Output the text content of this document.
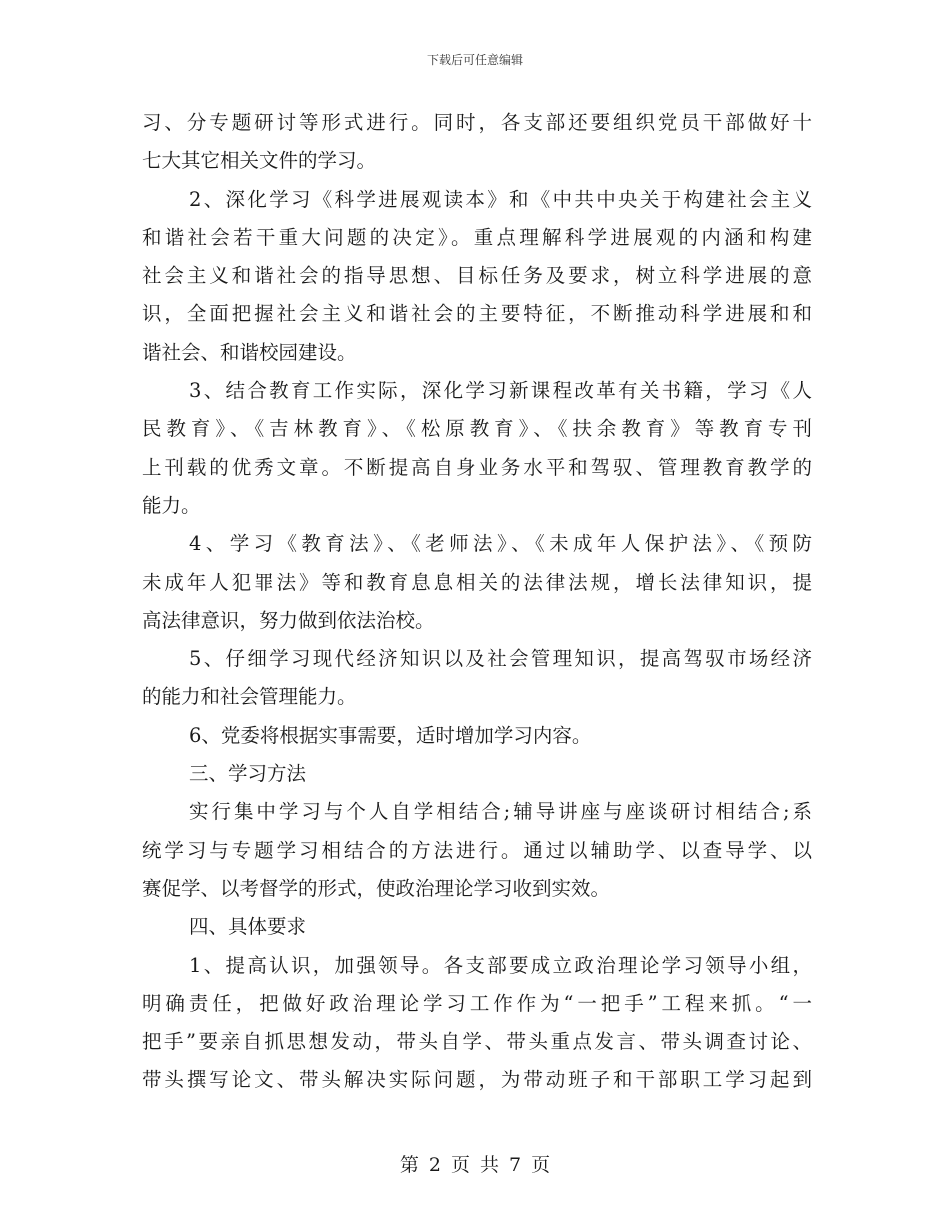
下载后可任意编辑
习、分专题研讨等形式进行。同时，各支部还要组织党员干部做好十
七大其它相关文件的学习。
2、深化学习《科学进展观读本》和《中共中央关于构建社会主义
和谐社会若干重大问题的决定》。重点理解科学进展观的内涵和构建
社会主义和谐社会的指导思想、目标任务及要求，树立科学进展的意
识，全面把握社会主义和谐社会的主要特征，不断推动科学进展和和
谐社会、和谐校园建设。
3、结合教育工作实际，深化学习新课程改革有关书籍，学习《人
民教育》、《吉林教育》、《松原教育》、《扶余教育》等教育专刊
上刊载的优秀文章。不断提高自身业务水平和驾驭、管理教育教学的
能力。
4、学习《教育法》、《老师法》、《未成年人保护法》、《预防
未成年人犯罪法》等和教育息息相关的法律法规，增长法律知识，提
高法律意识，努力做到依法治校。
5、仔细学习现代经济知识以及社会管理知识，提高驾驭市场经济
的能力和社会管理能力。
6、党委将根据实事需要，适时增加学习内容。
三、学习方法
实行集中学习与个人自学相结合;辅导讲座与座谈研讨相结合;系
统学习与专题学习相结合的方法进行。通过以辅助学、以查导学、以
赛促学、以考督学的形式，使政治理论学习收到实效。
四、具体要求
1、提高认识，加强领导。各支部要成立政治理论学习领导小组，
明确责任，把做好政治理论学习工作作为“一把手”工程来抓。“一
把手”要亲自抓思想发动，带头自学、带头重点发言、带头调查讨论、
带头撰写论文、带头解决实际问题，为带动班子和干部职工学习起到
第 2 页 共 7 页
